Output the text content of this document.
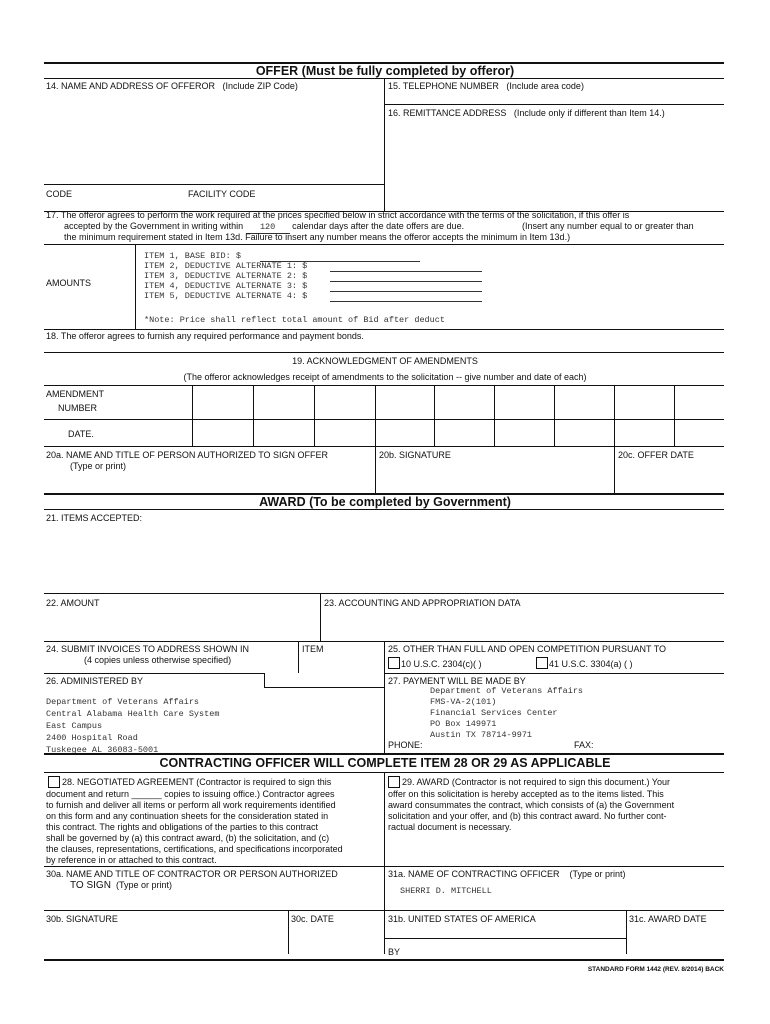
OFFER (Must be fully completed by offeror)
14. NAME AND ADDRESS OF OFFEROR (Include ZIP Code)	15. TELEPHONE NUMBER (Include area code)
16. REMITTANCE ADDRESS (Include only if different than Item 14.)
CODE	FACILITY CODE
17. The offeror agrees to perform the work required at the prices specified below in strict accordance with the terms of the solicitation, if this offer is
accepted by the Government in writing within 120 calendar days after the date offers are due.	(Insert any number equal to or greater than
the minimum requirement stated in Item 13d. Failure to insert any number means the offeror accepts the minimum in Item 13d.)
AMOUNTS
ITEM 1, BASE BID: $
ITEM 2, DEDUCTIVE ALTERNATE 1: $
ITEM 3, DEDUCTIVE ALTERNATE 2: $
ITEM 4, DEDUCTIVE ALTERNATE 3: $
ITEM 5, DEDUCTIVE ALTERNATE 4: $
*Note: Price shall reflect total amount of Bid after deduct
18. The offeror agrees to furnish any required performance and payment bonds.
19. ACKNOWLEDGMENT OF AMENDMENTS
(The offeror acknowledges receipt of amendments to the solicitation -- give number and date of each)
AMENDMENT
NUMBER
DATE.
20a. NAME AND TITLE OF PERSON AUTHORIZED TO SIGN OFFER
(Type or print)
20b. SIGNATURE	20c. OFFER DATE
AWARD (To be completed by Government)
21. ITEMS ACCEPTED:
22. AMOUNT	23. ACCOUNTING AND APPROPRIATION DATA
24. SUBMIT INVOICES TO ADDRESS SHOWN IN
(4 copies unless otherwise specified)
ITEM	25. OTHER THAN FULL AND OPEN COMPETITION PURSUANT TO
10 U.S.C. 2304(c)( )	41 U.S.C. 3304(a) ( )
26. ADMINISTERED BY
Department of Veterans Affairs
Central Alabama Health Care System
East Campus
2400 Hospital Road
Tuskegee AL 36083-5001
27. PAYMENT WILL BE MADE BY
Department of Veterans Affairs
FMS-VA-2(101)
Financial Services Center
PO Box 149971
Austin TX 78714-9971
PHONE:	FAX:
CONTRACTING OFFICER WILL COMPLETE ITEM 28 OR 29 AS APPLICABLE
28. NEGOTIATED AGREEMENT (Contractor is required to sign this
document and return ______ copies to issuing office.) Contractor agrees
to furnish and deliver all items or perform all work requirements identified
on this form and any continuation sheets for the consideration stated in
this contract. The rights and obligations of the parties to this contract
shall be governed by (a) this contract award, (b) the solicitation, and (c)
the clauses, representations, certifications, and specifications incorporated
by reference in or attached to this contract.
29. AWARD (Contractor is not required to sign this document.) Your
offer on this solicitation is hereby accepted as to the items listed. This
award consummates the contract, which consists of (a) the Government
solicitation and your offer, and (b) this contract award. No further cont-
ractual document is necessary.
30a. NAME AND TITLE OF CONTRACTOR OR PERSON AUTHORIZED
TO SIGN (Type or print)
31a. NAME OF CONTRACTING OFFICER (Type or print)
SHERRI D. MITCHELL
30b. SIGNATURE	30c. DATE	31b. UNITED STATES OF AMERICA	31c. AWARD DATE
BY
STANDARD FORM 1442 (REV. 8/2014) BACK
